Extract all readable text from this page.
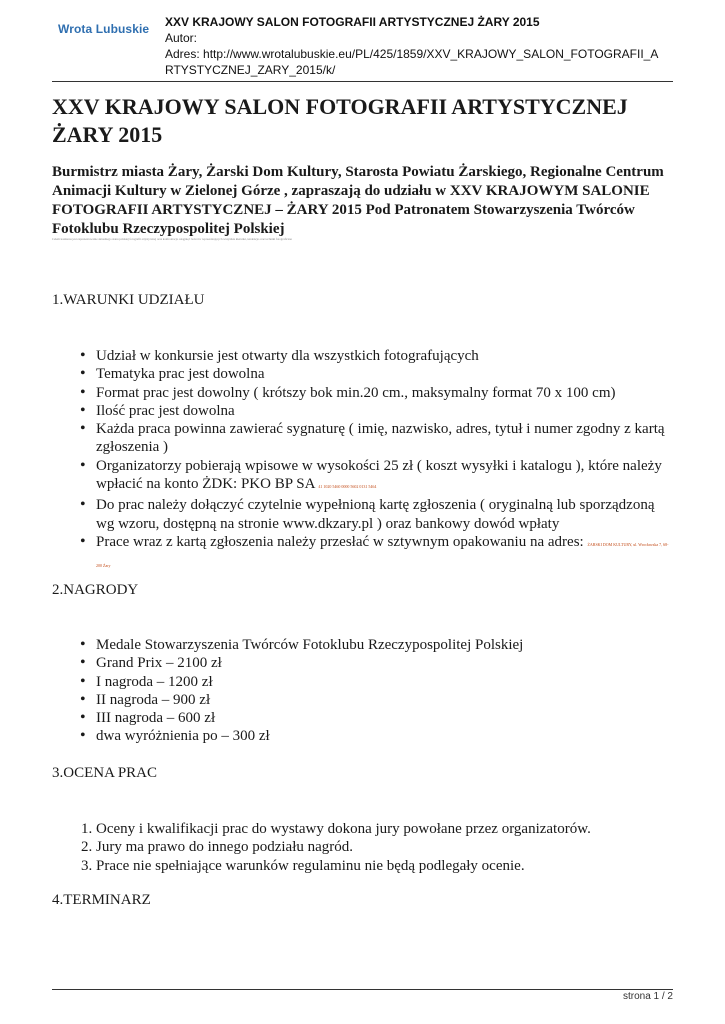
Wrota Lubuskie XXV KRAJOWY SALON FOTOGRAFII ARTYSTYCZNEJ ŻARY 2015
Autor:
Adres: http://www.wrotalubuskie.eu/PL/425/1859/XXV_KRAJOWY_SALON_FOTOGRAFII_A
RTYSTYCZNEJ_ZARY_2015/k/
XXV KRAJOWY SALON FOTOGRAFII ARTYSTYCZNEJ ŻARY 2015

Burmistrz miasta Żary, Żarski Dom Kultury, Starosta Powiatu Żarskiego, Regionalne Centrum Animacji Kultury w Zielonej Górze , zapraszają do udziału w XXV KRAJOWYM SALONIE FOTOGRAFII ARTYSTYCZNEJ – ŻARY 2015 Pod Patronatem Stowarzyszenia Twórców Fotoklubu Rzeczypospolitej Polskiej

Celem konkursu jest zaprezentowanie aktualnego stanu polskiej fotografii artystycznej oraz konfrontacja osiągnięć twórców reprezentujących wszystkie kierunki, tendencje oraz techniki fotograficzne
1.WARUNKI UDZIAŁU
• Udział w konkursie jest otwarty dla wszystkich fotografujących
• Tematyka prac jest dowolna
• Format prac jest dowolny ( krótszy bok min.20 cm., maksymalny format 70 x 100 cm)
• Ilość prac jest dowolna
• Każda praca powinna zawierać sygnaturę ( imię, nazwisko, adres, tytuł i numer zgodny z kartą zgłoszenia )
• Organizatorzy pobierają wpisowe w wysokości 25 zł ( koszt wysyłki i katalogu ), które należy wpłacić na konto ŻDK: PKO BP SA 41 1020 5460 0000 5602 0131 5464
• Do prac należy dołączyć czytelnie wypełnioną kartę zgłoszenia ( oryginalną lub sporządzoną wg wzoru, dostępną na stronie www.dkzary.pl ) oraz bankowy dowód wpłaty
• Prace wraz z kartą zgłoszenia należy przesłać w sztywnym opakowaniu na adres: ŻARSKI DOM KULTURY, ul. Wrocławska 7, 68-200 Żary
2.NAGRODY
• Medale Stowarzyszenia Twórców Fotoklubu Rzeczypospolitej Polskiej
• Grand Prix – 2100 zł
• I nagroda – 1200 zł
• II nagroda – 900 zł
• III nagroda – 600 zł
• dwa wyróżnienia po – 300 zł
3.OCENA PRAC
1. Oceny i kwalifikacji prac do wystawy dokona jury powołane przez organizatorów.
2. Jury ma prawo do innego podziału nagród.
3. Prace nie spełniające warunków regulaminu nie będą podlegały ocenie.
4.TERMINARZ
strona 1 / 2
